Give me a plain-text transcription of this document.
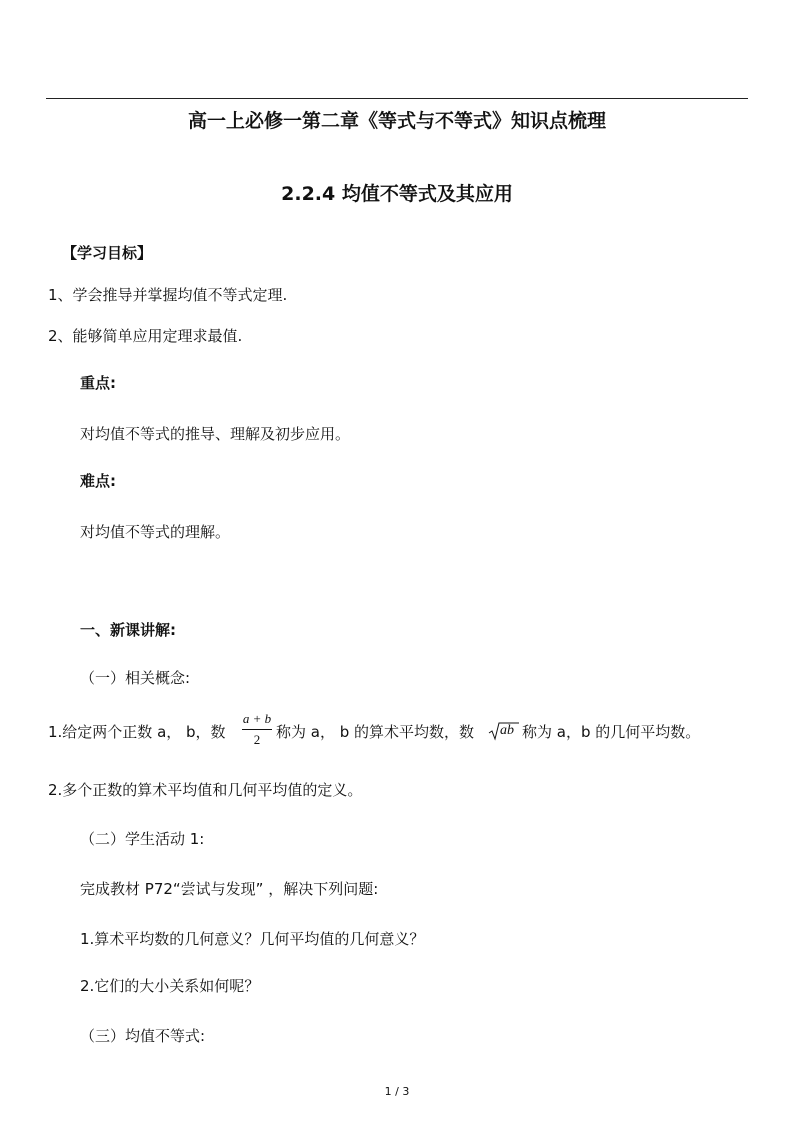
高一上必修一第二章《等式与不等式》知识点梳理
2.2.4 均值不等式及其应用
【学习目标】
1、学会推导并掌握均值不等式定理.
2、能够简单应用定理求最值.
重点:
对均值不等式的推导、理解及初步应用。
难点:
对均值不等式的理解。
一、新课讲解:
（一）相关概念:
1.给定两个正数 a， b，数
a + b
2	称为 a， b 的算术平均数，数 ab 称为 a，b 的几何平均数。
2.多个正数的算术平均值和几何平均值的定义。
（二）学生活动 1:
完成教材 P72“尝试与发现” ，解决下列问题:
1.算术平均数的几何意义？几何平均值的几何意义？
2.它们的大小关系如何呢？
（三）均值不等式:
1 / 3
